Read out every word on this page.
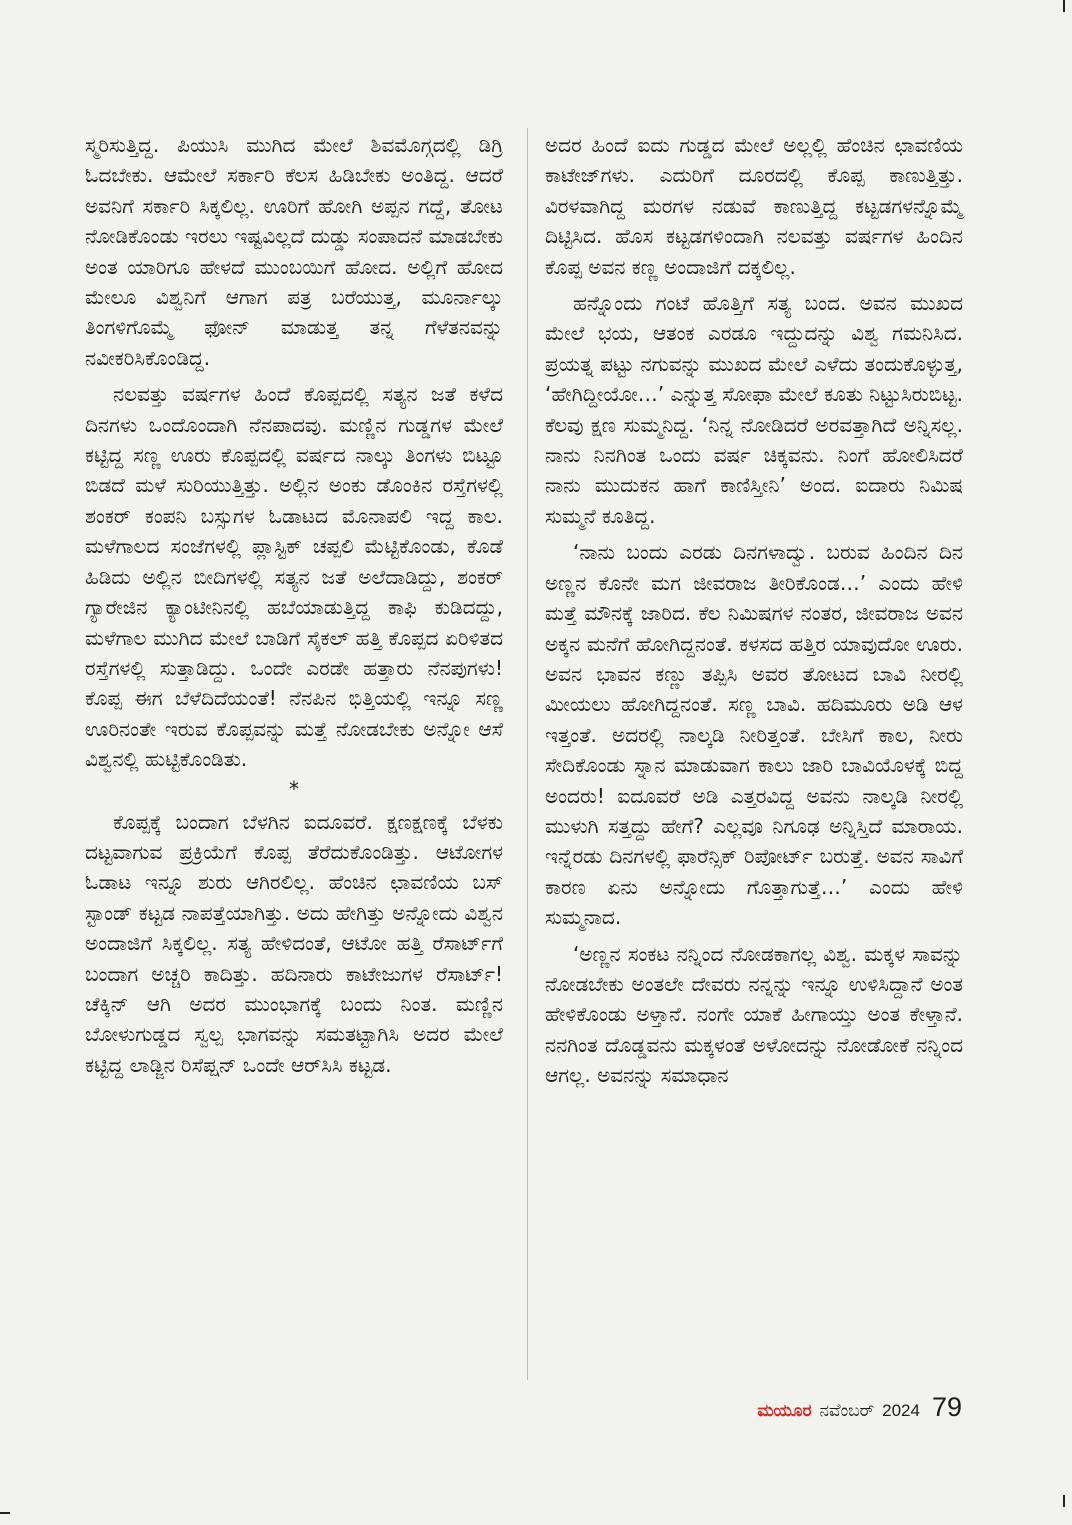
ಸ್ಮರಿಸುತ್ತಿದ್ದ. ಪಿಯುಸಿ ಮುಗಿದ ಮೇಲೆ ಶಿವಮೊಗ್ಗದಲ್ಲಿ ಡಿಗ್ರಿ ಓದಬೇಕು. ಆಮೇಲೆ ಸರ್ಕಾರಿ ಕೆಲಸ ಹಿಡಿಬೇಕು ಅಂತಿದ್ದ. ಆದರೆ ಅವನಿಗೆ ಸರ್ಕಾರಿ ಸಿಕ್ಕಲಿಲ್ಲ. ಊರಿಗೆ ಹೋಗಿ ಅಪ್ಪನ ಗದ್ದೆ, ತೋಟ ನೋಡಿಕೊಂಡು ಇರಲು ಇಷ್ಟವಿಲ್ಲದೆ ದುಡ್ಡು ಸಂಪಾದನೆ ಮಾಡಬೇಕು ಅಂತ ಯಾರಿಗೂ ಹೇಳದೆ ಮುಂಬಯಿಗೆ ಹೋದ. ಅಲ್ಲಿಗೆ ಹೋದ ಮೇಲೂ ವಿಶ್ವನಿಗೆ ಆಗಾಗ ಪತ್ರ ಬರೆಯುತ್ತ, ಮೂರ್ನಾಲ್ಕು ತಿಂಗಳಿಗೊಮ್ಮೆ ಫೋನ್ ಮಾಡುತ್ತ ತನ್ನ ಗೆಳೆತನವನ್ನು ನವೀಕರಿಸಿಕೊಂಡಿದ್ದ.

ನಲವತ್ತು ವರ್ಷಗಳ ಹಿಂದೆ ಕೊಪ್ಪದಲ್ಲಿ ಸತ್ಯನ ಜತೆ ಕಳೆದ ದಿನಗಳು ಒಂದೊಂದಾಗಿ ನೆನಪಾದವು. ಮಣ್ಣಿನ ಗುಡ್ಡಗಳ ಮೇಲೆ ಕಟ್ಟಿದ್ದ ಸಣ್ಣ ಊರು ಕೊಪ್ಪದಲ್ಲಿ ವರ್ಷದ ನಾಲ್ಕು ತಿಂಗಳು ಬಿಟ್ಟೂ ಬಿಡದೆ ಮಳೆ ಸುರಿಯುತ್ತಿತ್ತು. ಅಲ್ಲಿನ ಅಂಕು ಡೊಂಕಿನ ರಸ್ತೆಗಳಲ್ಲಿ ಶಂಕರ್ ಕಂಪನಿ ಬಸ್ಸುಗಳ ಓಡಾಟದ ಮೊನಾಪಲಿ ಇದ್ದ ಕಾಲ. ಮಳೆಗಾಲದ ಸಂಜೆಗಳಲ್ಲಿ ಪ್ಲಾಸ್ಟಿಕ್ ಚಪ್ಪಲಿ ಮೆಟ್ಟಿಕೊಂಡು, ಕೊಡೆ ಹಿಡಿದು ಅಲ್ಲಿನ ಬೀದಿಗಳಲ್ಲಿ ಸತ್ಯನ ಜತೆ ಅಲೆದಾಡಿದ್ದು, ಶಂಕರ್ ಗ್ಯಾರೇಜಿನ ಕ್ಯಾಂಟೀನಿನಲ್ಲಿ ಹಬೆಯಾಡುತ್ತಿದ್ದ ಕಾಫಿ ಕುಡಿದದ್ದು, ಮಳೆಗಾಲ ಮುಗಿದ ಮೇಲೆ ಬಾಡಿಗೆ ಸೈಕಲ್ ಹತ್ತಿ ಕೊಪ್ಪದ ಏರಿಳಿತದ ರಸ್ತೆಗಳಲ್ಲಿ ಸುತ್ತಾಡಿದ್ದು. ಒಂದೇ ಎರಡೇ ಹತ್ತಾರು ನೆನಪುಗಳು! ಕೊಪ್ಪ ಈಗ ಬೆಳೆದಿದೆಯಂತೆ! ನೆನಪಿನ ಭಿತ್ತಿಯಲ್ಲಿ ಇನ್ನೂ ಸಣ್ಣ ಊರಿನಂತೇ ಇರುವ ಕೊಪ್ಪವನ್ನು ಮತ್ತೆ ನೋಡಬೇಕು ಅನ್ನೋ ಆಸೆ ವಿಶ್ವನಲ್ಲಿ ಹುಟ್ಟಿಕೊಂಡಿತು.

*

ಕೊಪ್ಪಕ್ಕೆ ಬಂದಾಗ ಬೆಳಗಿನ ಐದೂವರೆ. ಕ್ಷಣಕ್ಷಣಕ್ಕೆ ಬೆಳಕು ದಟ್ಟವಾಗುವ ಪ್ರಕ್ರಿಯೆಗೆ ಕೊಪ್ಪ ತೆರೆದುಕೊಂಡಿತ್ತು. ಆಟೋಗಳ ಓಡಾಟ ಇನ್ನೂ ಶುರು ಆಗಿರಲಿಲ್ಲ. ಹೆಂಚಿನ ಛಾವಣಿಯ ಬಸ್ ಸ್ಟಾಂಡ್ ಕಟ್ಟಡ ನಾಪತ್ತೆಯಾಗಿತ್ತು. ಅದು ಹೇಗಿತ್ತು ಅನ್ನೋದು ವಿಶ್ವನ ಅಂದಾಜಿಗೆ ಸಿಕ್ಕಲಿಲ್ಲ. ಸತ್ಯ ಹೇಳಿದಂತೆ, ಆಟೋ ಹತ್ತಿ ರೆಸಾರ್ಟ್‌ಗೆ ಬಂದಾಗ ಅಚ್ಚರಿ ಕಾದಿತ್ತು. ಹದಿನಾರು ಕಾಟೇಜುಗಳ ರೆಸಾರ್ಟ್! ಚೆಕ್ಕಿನ್ ಆಗಿ ಅದರ ಮುಂಭಾಗಕ್ಕೆ ಬಂದು ನಿಂತ. ಮಣ್ಣಿನ ಬೋಳುಗುಡ್ಡದ ಸ್ವಲ್ಪ ಭಾಗವನ್ನು ಸಮತಟ್ಟಾಗಿಸಿ ಅದರ ಮೇಲೆ ಕಟ್ಟಿದ್ದ ಲಾಡ್ಜಿನ ರಿಸೆಪ್ಷನ್ ಒಂದೇ ಆರ್‌ಸಿಸಿ ಕಟ್ಟಡ.

ಅದರ ಹಿಂದೆ ಐದು ಗುಡ್ಡದ ಮೇಲೆ ಅಲ್ಲಲ್ಲಿ ಹೆಂಚಿನ ಛಾವಣಿಯ ಕಾಟೇಜ್‌ಗಳು. ಎದುರಿಗೆ ದೂರದಲ್ಲಿ ಕೊಪ್ಪ ಕಾಣುತ್ತಿತ್ತು. ವಿರಳವಾಗಿದ್ದ ಮರಗಳ ನಡುವೆ ಕಾಣುತ್ತಿದ್ದ ಕಟ್ಟಡಗಳನ್ನೊಮ್ಮೆ ದಿಟ್ಟಿಸಿದ. ಹೊಸ ಕಟ್ಟಡಗಳಿಂದಾಗಿ ನಲವತ್ತು ವರ್ಷಗಳ ಹಿಂದಿನ ಕೊಪ್ಪ ಅವನ ಕಣ್ಣ ಅಂದಾಜಿಗೆ ದಕ್ಕಲಿಲ್ಲ.

ಹನ್ನೊಂದು ಗಂಟೆ ಹೊತ್ತಿಗೆ ಸತ್ಯ ಬಂದ. ಅವನ ಮುಖದ ಮೇಲೆ ಭಯ, ಆತಂಕ ಎರಡೂ ಇದ್ದುದನ್ನು ವಿಶ್ವ ಗಮನಿಸಿದ. ಪ್ರಯತ್ನ ಪಟ್ಟು ನಗುವನ್ನು ಮುಖದ ಮೇಲೆ ಎಳೆದು ತಂದುಕೊಳ್ಳುತ್ತ, ‘ಹೇಗಿದ್ದೀಯೋ…’ ಎನ್ನುತ್ತ ಸೋಫಾ ಮೇಲೆ ಕೂತು ನಿಟ್ಟುಸಿರುಬಿಟ್ಟ. ಕೆಲವು ಕ್ಷಣ ಸುಮ್ಮನಿದ್ದ. ‘ನಿನ್ನ ನೋಡಿದರೆ ಅರವತ್ತಾಗಿದೆ ಅನ್ನಿಸಲ್ಲ. ನಾನು ನಿನಗಿಂತ ಒಂದು ವರ್ಷ ಚಿಕ್ಕವನು. ನಿಂಗೆ ಹೋಲಿಸಿದರೆ ನಾನು ಮುದುಕನ ಹಾಗೆ ಕಾಣಿಸ್ತೀನಿ’ ಅಂದ. ಐದಾರು ನಿಮಿಷ ಸುಮ್ಮನೆ ಕೂತಿದ್ದ.

‘ನಾನು ಬಂದು ಎರಡು ದಿನಗಳಾದ್ವು. ಬರುವ ಹಿಂದಿನ ದಿನ ಅಣ್ಣನ ಕೊನೇ ಮಗ ಜೀವರಾಜ ತೀರಿಕೊಂಡ…’ ಎಂದು ಹೇಳಿ ಮತ್ತೆ ಮೌನಕ್ಕೆ ಜಾರಿದ. ಕೆಲ ನಿಮಿಷಗಳ ನಂತರ, ಜೀವರಾಜ ಅವನ ಅಕ್ಕನ ಮನೆಗೆ ಹೋಗಿದ್ದನಂತೆ. ಕಳಸದ ಹತ್ತಿರ ಯಾವುದೋ ಊರು. ಅವನ ಭಾವನ ಕಣ್ಣು ತಪ್ಪಿಸಿ ಅವರ ತೋಟದ ಬಾವಿ ನೀರಲ್ಲಿ ಮೀಯಲು ಹೋಗಿದ್ದನಂತೆ. ಸಣ್ಣ ಬಾವಿ. ಹದಿಮೂರು ಅಡಿ ಆಳ ಇತ್ತಂತೆ. ಅದರಲ್ಲಿ ನಾಲ್ಕಡಿ ನೀರಿತ್ತಂತೆ. ಬೇಸಿಗೆ ಕಾಲ, ನೀರು ಸೇದಿಕೊಂಡು ಸ್ನಾನ ಮಾಡುವಾಗ ಕಾಲು ಜಾರಿ ಬಾವಿಯೊಳಕ್ಕೆ ಬಿದ್ದ ಅಂದರು! ಐದೂವರೆ ಅಡಿ ಎತ್ತರವಿದ್ದ ಅವನು ನಾಲ್ಕಡಿ ನೀರಲ್ಲಿ ಮುಳುಗಿ ಸತ್ತದ್ದು ಹೇಗೆ? ಎಲ್ಲವೂ ನಿಗೂಢ ಅನ್ನಿಸ್ತಿದೆ ಮಾರಾಯ. ಇನ್ನೆರಡು ದಿನಗಳಲ್ಲಿ ಫಾರೆನ್ಸಿಕ್ ರಿಪೋರ್ಟ್ ಬರುತ್ತೆ. ಅವನ ಸಾವಿಗೆ ಕಾರಣ ಏನು ಅನ್ನೋದು ಗೊತ್ತಾಗುತ್ತೆ…’ ಎಂದು ಹೇಳಿ ಸುಮ್ಮನಾದ.

‘ಅಣ್ಣನ ಸಂಕಟ ನನ್ನಿಂದ ನೋಡಕಾಗಲ್ಲ ವಿಶ್ವ. ಮಕ್ಕಳ ಸಾವನ್ನು ನೋಡಬೇಕು ಅಂತಲೇ ದೇವರು ನನ್ನನ್ನು ಇನ್ನೂ ಉಳಿಸಿದ್ದಾನೆ ಅಂತ ಹೇಳಿಕೊಂಡು ಅಳ್ತಾನೆ. ನಂಗೇ ಯಾಕೆ ಹೀಗಾಯ್ತು ಅಂತ ಕೇಳ್ತಾನೆ. ನನಗಿಂತ ದೊಡ್ಡವನು ಮಕ್ಕಳಂತೆ ಅಳೋದನ್ನು ನೋಡೋಕೆ ನನ್ನಿಂದ ಆಗಲ್ಲ. ಅವನನ್ನು ಸಮಾಧಾನ

ಮಯೂರ ನವೆಂಬರ್ 2024 79
